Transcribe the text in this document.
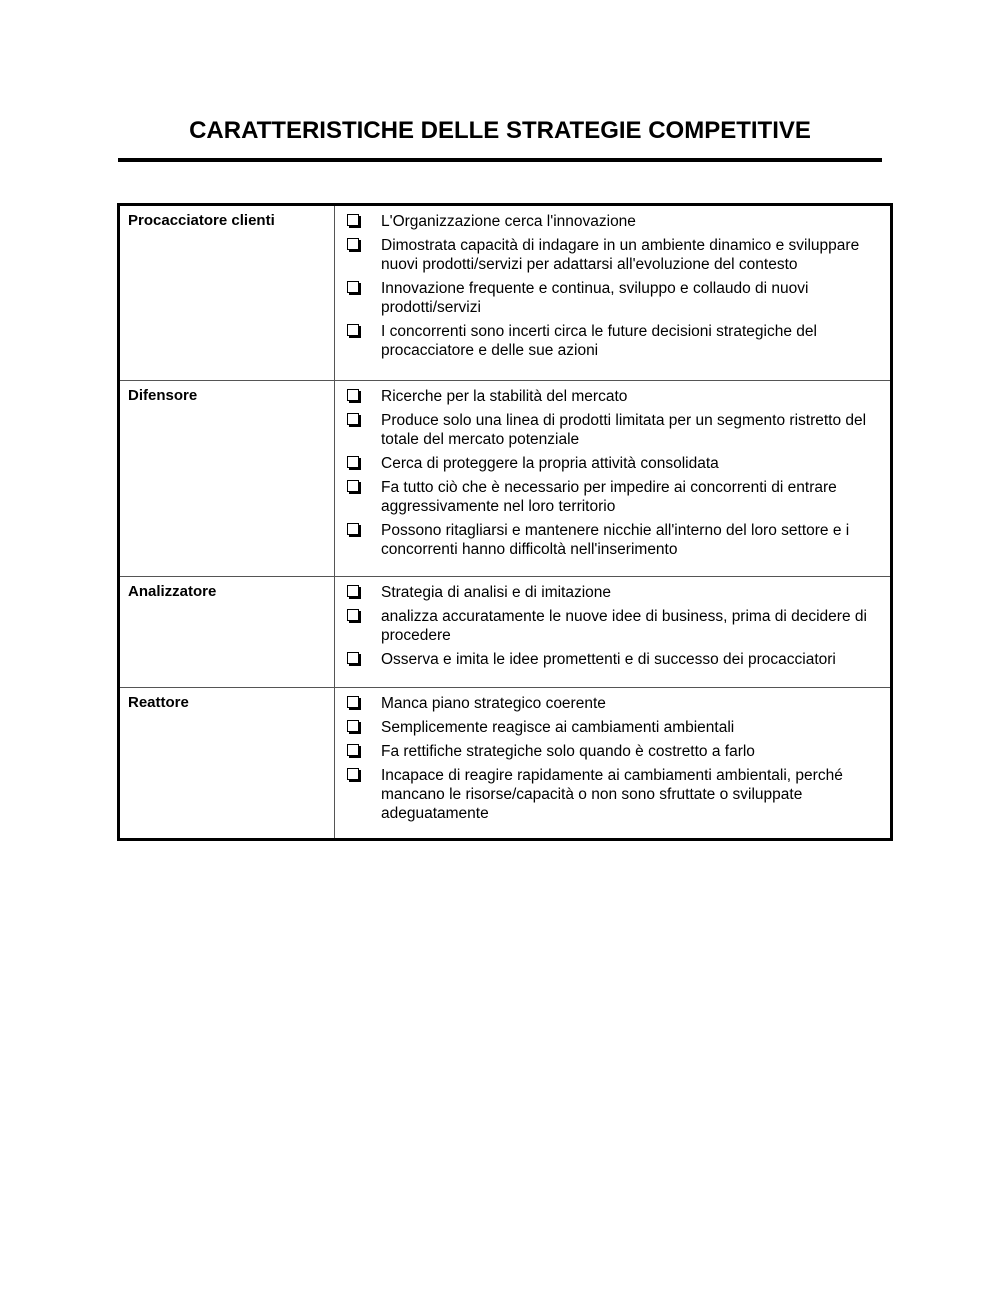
CARATTERISTICHE DELLE STRATEGIE COMPETITIVE
Procacciatore clienti	L'Organizzazione cerca l'innovazione
Dimostrata capacità di indagare in un ambiente dinamico e sviluppare nuovi prodotti/servizi per adattarsi all'evoluzione del contesto
Innovazione frequente e continua, sviluppo e collaudo di nuovi prodotti/servizi
I concorrenti sono incerti circa le future decisioni strategiche del procacciatore e delle sue azioni
Difensore	Ricerche per la stabilità del mercato
Produce solo una linea di prodotti limitata per un segmento ristretto del totale del mercato potenziale
Cerca di proteggere la propria attività consolidata
Fa tutto ciò che è necessario per impedire ai concorrenti di entrare aggressivamente nel loro territorio
Possono ritagliarsi e mantenere nicchie all'interno del loro settore e i concorrenti hanno difficoltà nell'inserimento
Analizzatore	Strategia di analisi e di imitazione
analizza accuratamente le nuove idee di business, prima di decidere di procedere
Osserva e imita le idee promettenti e di successo dei procacciatori
Reattore	Manca piano strategico coerente
Semplicemente reagisce ai cambiamenti ambientali
Fa rettifiche strategiche solo quando è costretto a farlo
Incapace di reagire rapidamente ai cambiamenti ambientali, perché mancano le risorse/capacità o non sono sfruttate o sviluppate adeguatamente
